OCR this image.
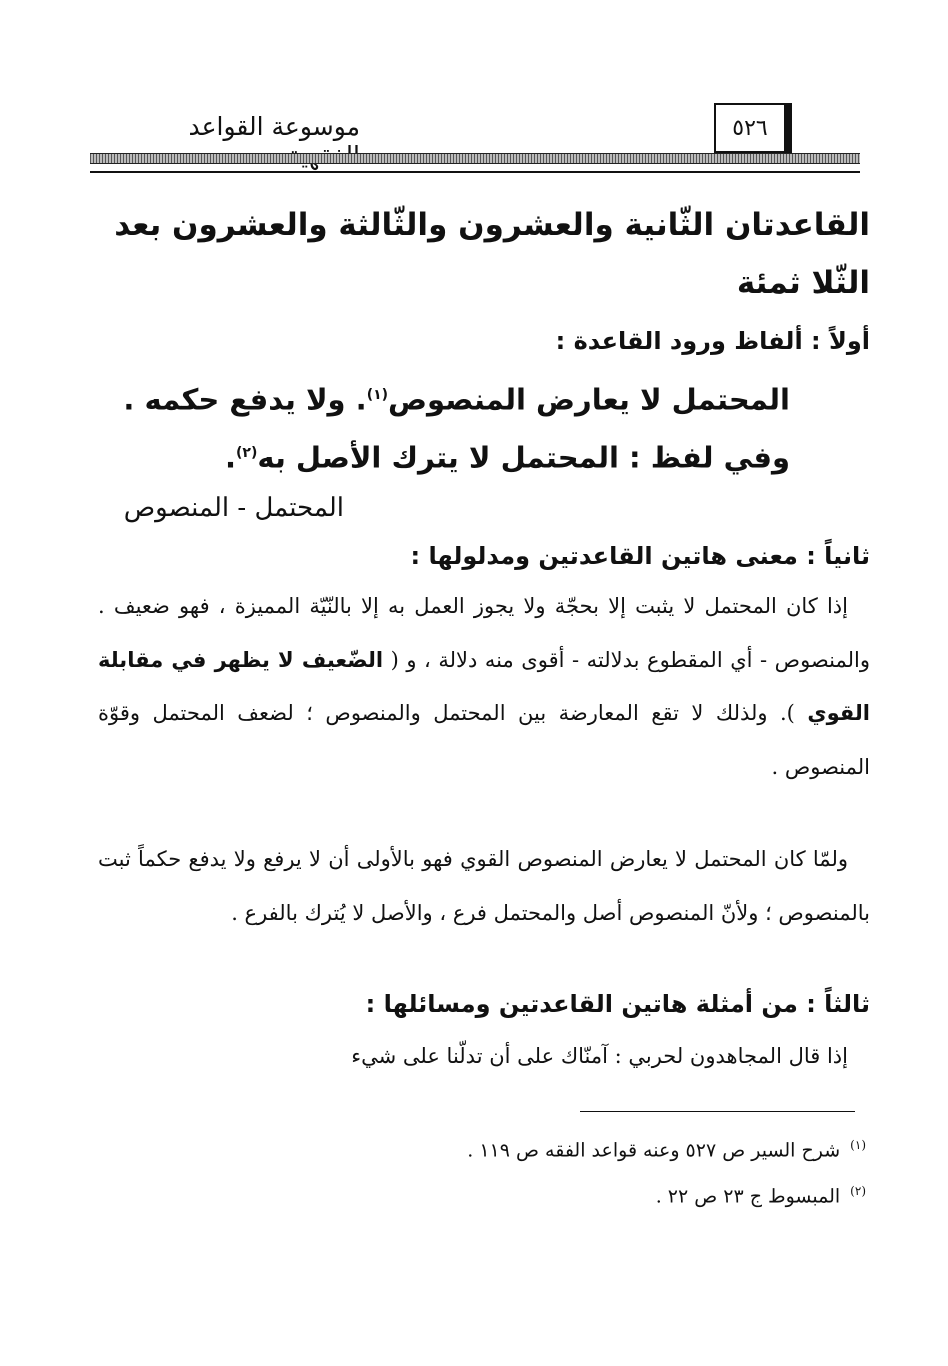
موسوعة القواعد	٥٢٦
القاعدتان الثّانية والعشرون والثّالثة والعشرون بعد
الثّلا ثمئة
أولاً : ألفاظ ورود القاعدة :
المحتمل لا يعارض المنصوص$^{(١)}$. ولا يدفع حكمه .
وفي لفظ : المحتمل لا يترك الأصل به$^{(٢)}$.
المحتمل - المنصوص
ثانياً : معنى هاتين القاعدتين ومدلولها :
إذا كان المحتمل لا يثبت إلا بحجّة ولا يجوز العمل به إلا بالنّيّة المميزة ، فهو ضعيف . والمنصوص - أي المقطوع بدلالته - أقوى منه دلالة ، و ( الضّعيف لا يظهر في مقابلة القوي ). ولذلك لا تقع المعارضة بين المحتمل والمنصوص ؛ لضعف المحتمل وقوّة المنصوص .
ولمّا كان المحتمل لا يعارض المنصوص القوي فهو بالأولى أن لا يرفع ولا يدفع حكماً ثبت بالمنصوص ؛ ولأنّ المنصوص أصل والمحتمل فرع ، والأصل لا يُترك بالفرع .
ثالثاً : من أمثلة هاتين القاعدتين ومسائلها :
إذا قال المجاهدون لحربي : آمنّاك على أن تدلّنا على شيء
$^{(١)}$شرح السير ص ٥٢٧ وعنه قواعد الفقه ص ١١٩ .
$^{(٢)}$المبسوط ج ٢٣ ص ٢٢ .
